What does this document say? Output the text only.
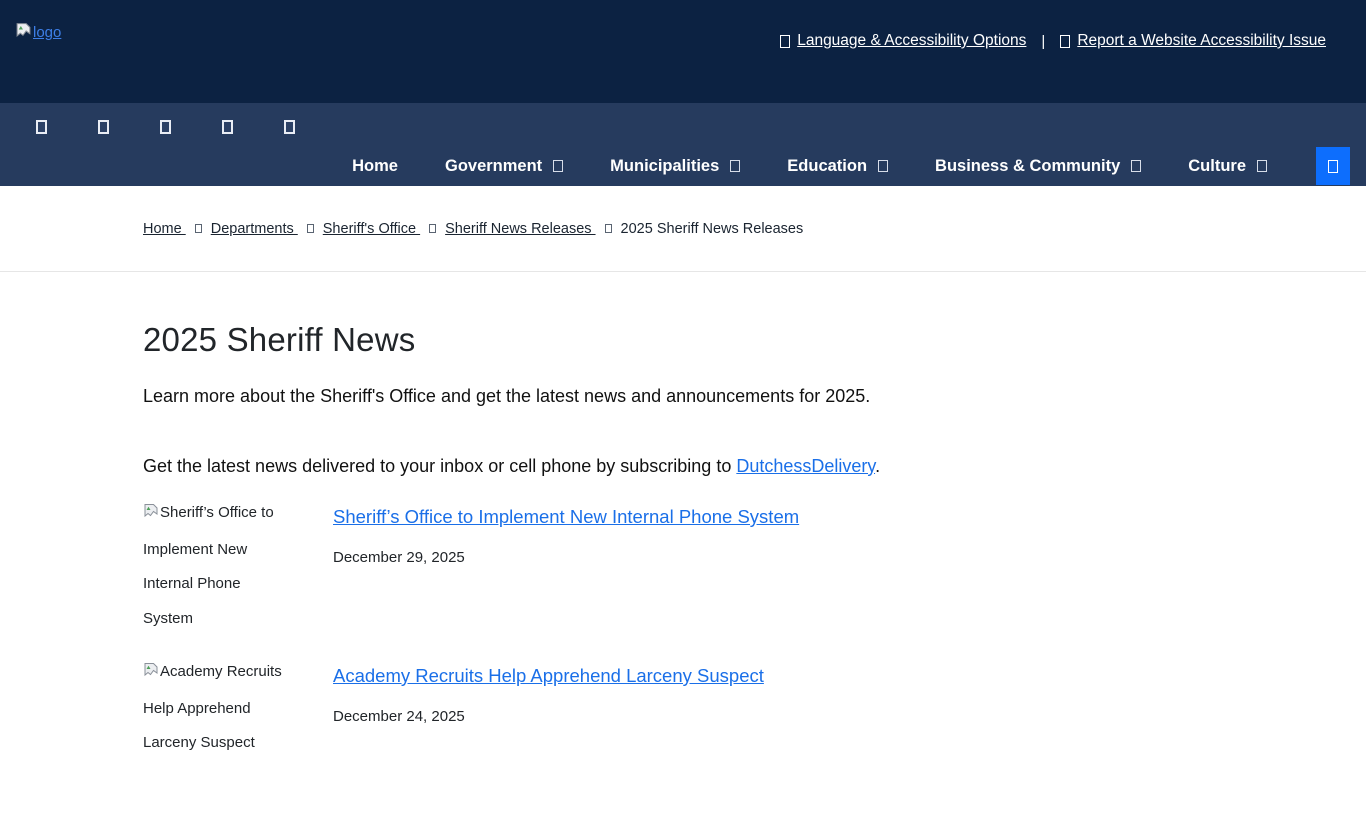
logo	Language & Accessibility Options | Report a Website Accessibility Issue
Home	Government	Municipalities	Education	Business & Community	Culture
Home Departments Sheriff's Office Sheriff News Releases 2025 Sheriff News Releases
2025 Sheriff News

Learn more about the Sheriff's Office and get the latest news and announcements for 2025.

Get the latest news delivered to your inbox or cell phone by subscribing to DutchessDelivery.

Sheriff’s Office to Implement New Internal Phone System
Sheriff’s Office to Implement New Internal Phone System
December 29, 2025
Academy Recruits Help Apprehend Larceny Suspect
Academy Recruits Help Apprehend Larceny Suspect
December 24, 2025
